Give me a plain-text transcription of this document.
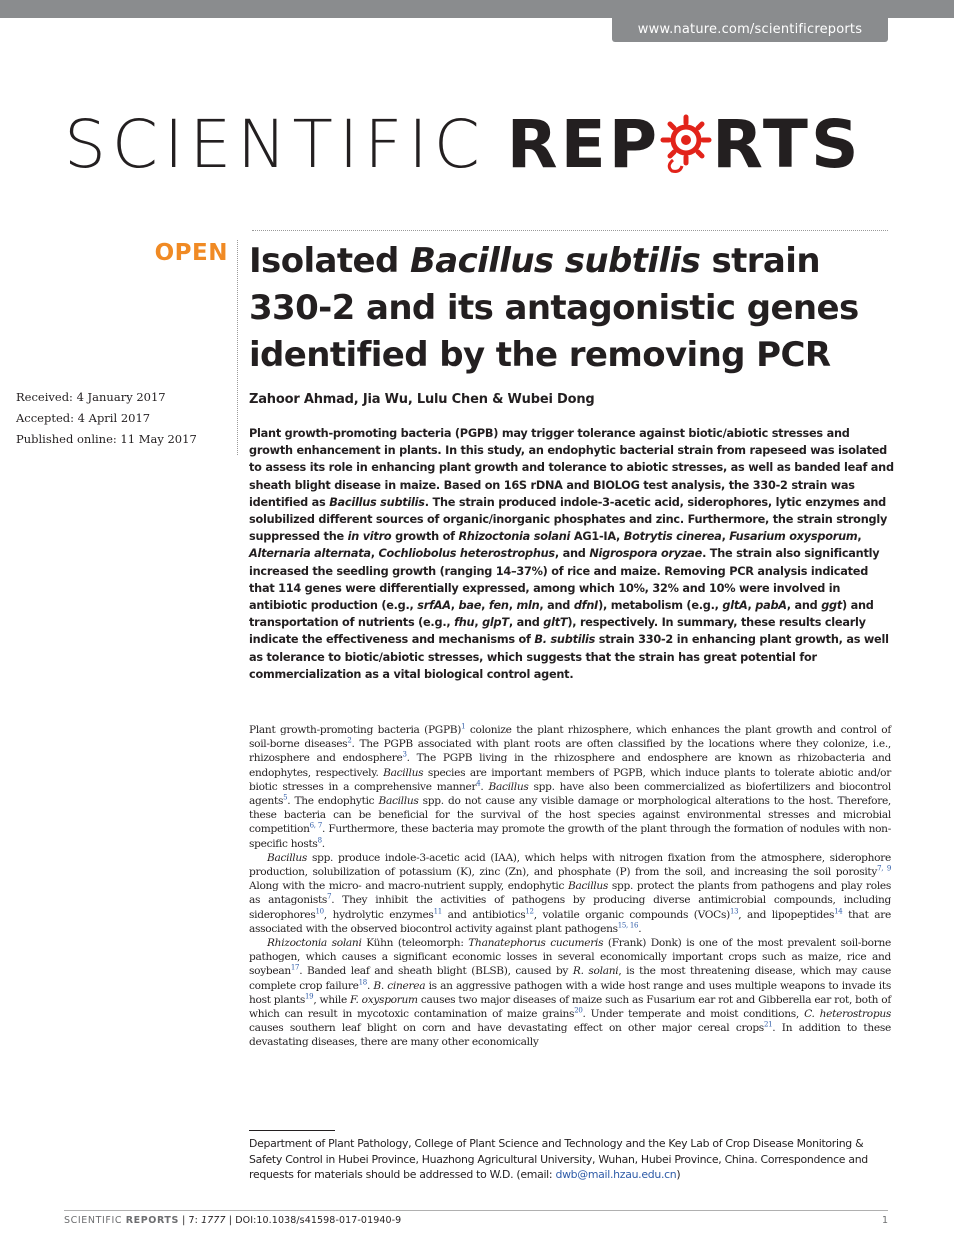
www.nature.com/scientificreports
SCIENTIFIC REP RTS
OPEN Isolated Bacillus subtilis strain 330-2 and its antagonistic genes identified by the removing PCR
Zahoor Ahmad, Jia Wu, Lulu Chen & Wubei Dong
Received: 4 January 2017
Accepted: 4 April 2017
Published online: 11 May 2017	Plant growth-promoting bacteria (PGPB) may trigger tolerance against biotic/abiotic stresses and growth enhancement in plants. In this study, an endophytic bacterial strain from rapeseed was isolated to assess its role in enhancing plant growth and tolerance to abiotic stresses, as well as banded leaf and sheath blight disease in maize. Based on 16S rDNA and BIOLOG test analysis, the 330-2 strain was identified as Bacillus subtilis. The strain produced indole-3-acetic acid, siderophores, lytic enzymes and solubilized different sources of organic/inorganic phosphates and zinc. Furthermore, the strain strongly suppressed the in vitro growth of Rhizoctonia solani AG1-IA, Botrytis cinerea, Fusarium oxysporum, Alternaria alternata, Cochliobolus heterostrophus, and Nigrospora oryzae. The strain also significantly increased the seedling growth (ranging 14–37%) of rice and maize. Removing PCR analysis indicated that 114 genes were differentially expressed, among which 10%, 32% and 10% were involved in antibiotic production (e.g., srfAA, bae, fen, mln, and dfnI), metabolism (e.g., gltA, pabA, and ggt) and transportation of nutrients (e.g., fhu, glpT, and gltT), respectively. In summary, these results clearly indicate the effectiveness and mechanisms of B. subtilis strain 330-2 in enhancing plant growth, as well as tolerance to biotic/abiotic stresses, which suggests that the strain has great potential for commercialization as a vital biological control agent.

Plant growth-promoting bacteria (PGPB)$^1$ colonize the plant rhizosphere, which enhances the plant growth and control of soil-borne diseases$^2$. The PGPB associated with plant roots are often classified by the locations where they colonize, i.e., rhizosphere and endosphere$^3$. The PGPB living in the rhizosphere and endosphere are known as rhizobacteria and endophytes, respectively. Bacillus species are important members of PGPB, which induce plants to tolerate abiotic and/or biotic stresses in a comprehensive manner$^4$. Bacillus spp. have also been commercialized as biofertilizers and biocontrol agents$^5$. The endophytic Bacillus spp. do not cause any visible damage or morphological alterations to the host. Therefore, these bacteria can be beneficial for the survival of the host species against environmental stresses and microbial competition$^{6, 7}$. Furthermore, these bacteria may promote the growth of the plant through the formation of nodules with non-specific hosts$^8$.

Bacillus spp. produce indole-3-acetic acid (IAA), which helps with nitrogen fixation from the atmosphere, siderophore production, solubilization of potassium (K), zinc (Zn), and phosphate (P) from the soil, and increasing the soil porosity$^{7, 9}$ Along with the micro- and macro-nutrient supply, endophytic Bacillus spp. protect the plants from pathogens and play roles as antagonists$^7$. They inhibit the activities of pathogens by producing diverse antimicrobial compounds, including siderophores$^{10}$, hydrolytic enzymes$^{11}$ and antibiotics$^{12}$, volatile organic compounds (VOCs)$^{13}$, and lipopeptides$^{14}$ that are associated with the observed biocontrol activity against plant pathogens$^{15, 16}$.

Rhizoctonia solani Kühn (teleomorph: Thanatephorus cucumeris (Frank) Donk) is one of the most prevalent soil-borne pathogen, which causes a significant economic losses in several economically important crops such as maize, rice and soybean$^{17}$. Banded leaf and sheath blight (BLSB), caused by R. solani, is the most threatening disease, which may cause complete crop failure$^{18}$. B. cinerea is an aggressive pathogen with a wide host range and uses multiple weapons to invade its host plants$^{19}$, while F. oxysporum causes two major diseases of maize such as Fusarium ear rot and Gibberella ear rot, both of which can result in mycotoxic contamination of maize grains$^{20}$. Under temperate and moist conditions, C. heterostropus causes southern leaf blight on corn and have devastating effect on other major cereal crops$^{21}$. In addition to these devastating diseases, there are many other economically

Department of Plant Pathology, College of Plant Science and Technology and the Key Lab of Crop Disease Monitoring & Safety Control in Hubei Province, Huazhong Agricultural University, Wuhan, Hubei Province, China. Correspondence and requests for materials should be addressed to W.D. (email: dwb@mail.hzau.edu.cn)
SCIENTIFIC REPORTS | 7: 1777 | DOI:10.1038/s41598-017-01940-9	1
